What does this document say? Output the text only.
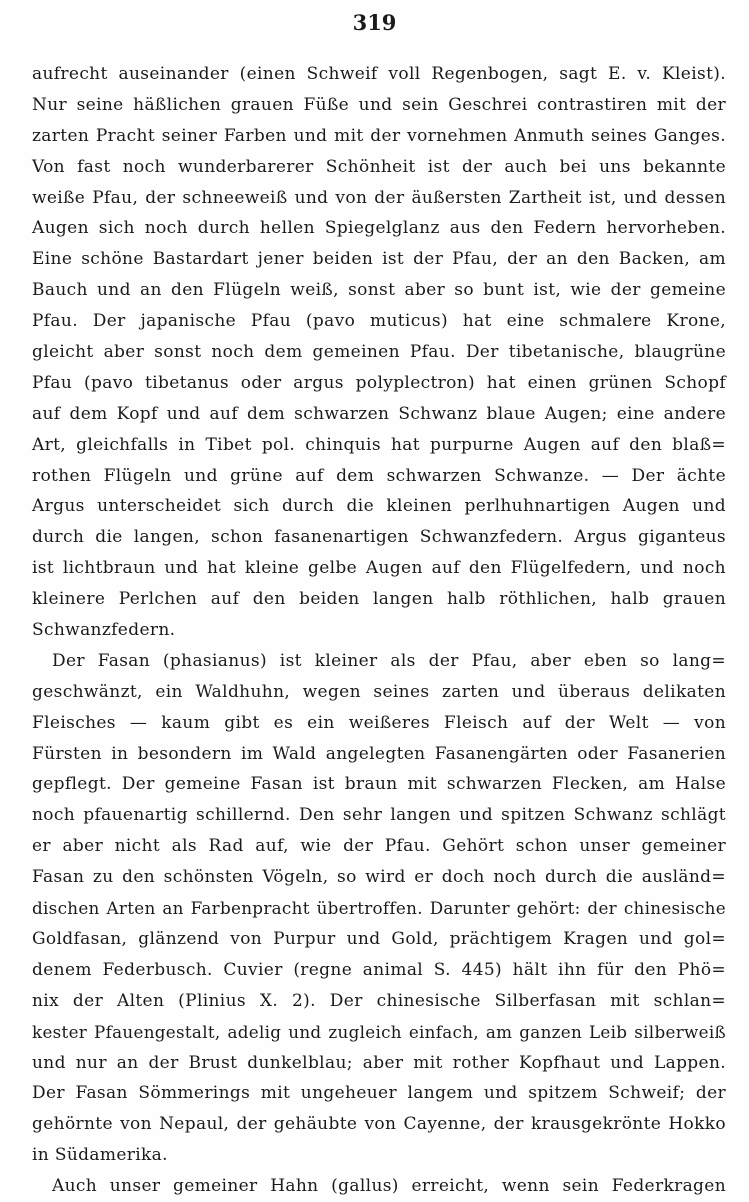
319
aufrecht auseinander (einen Schweif voll Regenbogen, sagt E. v. Kleist).
Nur seine häßlichen grauen Füße und sein Geschrei contrastiren mit der
zarten Pracht seiner Farben und mit der vornehmen Anmuth seines Ganges.
Von fast noch wunderbarerer Schönheit ist der auch bei uns bekannte
weiße Pfau, der schneeweiß und von der äußersten Zartheit ist, und dessen
Augen sich noch durch hellen Spiegelglanz aus den Federn hervorheben.
Eine schöne Bastardart jener beiden ist der Pfau, der an den Backen, am
Bauch und an den Flügeln weiß, sonst aber so bunt ist, wie der gemeine
Pfau. Der japanische Pfau (pavo muticus) hat eine schmalere Krone,
gleicht aber sonst noch dem gemeinen Pfau. Der tibetanische, blaugrüne
Pfau (pavo tibetanus oder argus polyplectron) hat einen grünen Schopf
auf dem Kopf und auf dem schwarzen Schwanz blaue Augen; eine andere
Art, gleichfalls in Tibet pol. chinquis hat purpurne Augen auf den blaß=
rothen Flügeln und grüne auf dem schwarzen Schwanze. — Der ächte
Argus unterscheidet sich durch die kleinen perlhuhnartigen Augen und
durch die langen, schon fasanenartigen Schwanzfedern. Argus giganteus
ist lichtbraun und hat kleine gelbe Augen auf den Flügelfedern, und noch
kleinere Perlchen auf den beiden langen halb röthlichen, halb grauen
Schwanzfedern.
Der Fasan (phasianus) ist kleiner als der Pfau, aber eben so lang=
geschwänzt, ein Waldhuhn, wegen seines zarten und überaus delikaten
Fleisches — kaum gibt es ein weißeres Fleisch auf der Welt — von
Fürsten in besondern im Wald angelegten Fasanengärten oder Fasanerien
gepflegt. Der gemeine Fasan ist braun mit schwarzen Flecken, am Halse
noch pfauenartig schillernd. Den sehr langen und spitzen Schwanz schlägt
er aber nicht als Rad auf, wie der Pfau. Gehört schon unser gemeiner
Fasan zu den schönsten Vögeln, so wird er doch noch durch die ausländ=
dischen Arten an Farbenpracht übertroffen. Darunter gehört: der chinesische
Goldfasan, glänzend von Purpur und Gold, prächtigem Kragen und gol=
denem Federbusch. Cuvier (regne animal S. 445) hält ihn für den Phö=
nix der Alten (Plinius X. 2). Der chinesische Silberfasan mit schlan=
kester Pfauengestalt, adelig und zugleich einfach, am ganzen Leib silberweiß
und nur an der Brust dunkelblau; aber mit rother Kopfhaut und Lappen.
Der Fasan Sömmerings mit ungeheuer langem und spitzem Schweif; der
gehörnte von Nepaul, der gehäubte von Cayenne, der krausgekrönte Hokko
in Südamerika.
Auch unser gemeiner Hahn (gallus) erreicht, wenn sein Federkragen
